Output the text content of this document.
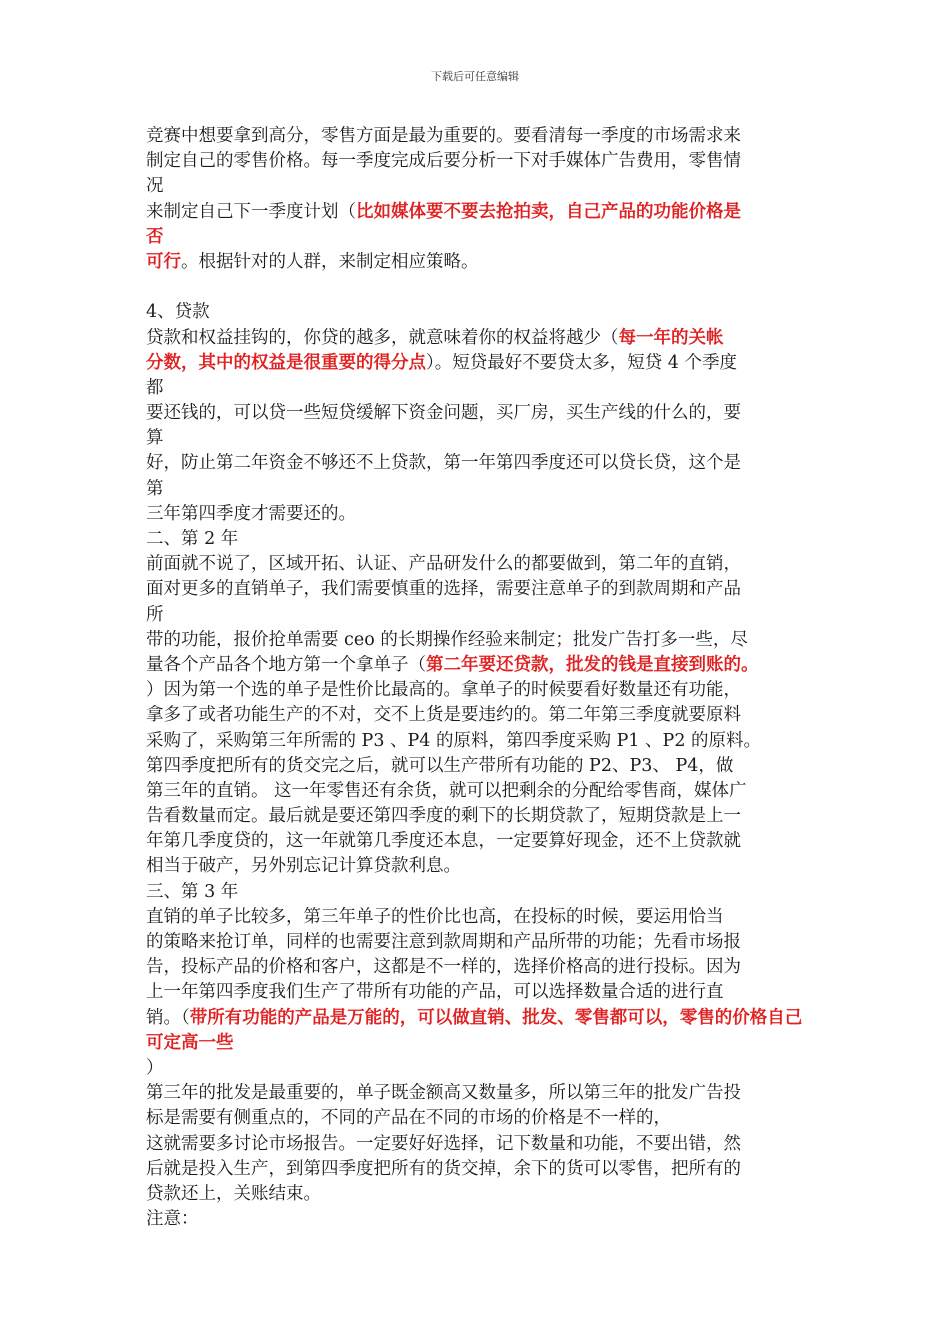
下载后可任意编辑
竞赛中想要拿到高分，零售方面是最为重要的。要看清每一季度的市场需求来
制定自己的零售价格。每一季度完成后要分析一下对手媒体广告费用，零售情
况
来制定自己下一季度计划（比如媒体要不要去抢拍卖，自己产品的功能价格是
否
可行。根据针对的人群，来制定相应策略。
4、贷款
贷款和权益挂钩的，你贷的越多，就意味着你的权益将越少（每一年的关帐
分数，其中的权益是很重要的得分点）。短贷最好不要贷太多，短贷 4 个季度
都
要还钱的，可以贷一些短贷缓解下资金问题，买厂房，买生产线的什么的，要
算
好，防止第二年资金不够还不上贷款，第一年第四季度还可以贷长贷，这个是
第
三年第四季度才需要还的。
二、第 2 年
前面就不说了，区域开拓、认证、产品研发什么的都要做到，第二年的直销，
面对更多的直销单子，我们需要慎重的选择，需要注意单子的到款周期和产品
所
带的功能，报价抢单需要 ceo 的长期操作经验来制定；批发广告打多一些，尽
量各个产品各个地方第一个拿单子（第二年要还贷款，批发的钱是直接到账的。
）因为第一个选的单子是性价比最高的。拿单子的时候要看好数量还有功能，
拿多了或者功能生产的不对，交不上货是要违约的。第二年第三季度就要原料
采购了，采购第三年所需的 P3 、P4 的原料，第四季度采购 P1 、P2 的原料。
第四季度把所有的货交完之后，就可以生产带所有功能的 P2、P3、 P4，做
第三年的直销。 这一年零售还有余货，就可以把剩余的分配给零售商，媒体广
告看数量而定。最后就是要还第四季度的剩下的长期贷款了，短期贷款是上一
年第几季度贷的，这一年就第几季度还本息，一定要算好现金，还不上贷款就
相当于破产，另外别忘记计算贷款利息。
三、第 3 年
直销的单子比较多，第三年单子的性价比也高，在投标的时候，要运用恰当
的策略来抢订单，同样的也需要注意到款周期和产品所带的功能；先看市场报
告，投标产品的价格和客户，这都是不一样的，选择价格高的进行投标。因为
上一年第四季度我们生产了带所有功能的产品，可以选择数量合适的进行直
销。（带所有功能的产品是万能的，可以做直销、批发、零售都可以，零售的价格自己
可定高一些
）
第三年的批发是最重要的，单子既金额高又数量多，所以第三年的批发广告投
标是需要有侧重点的，不同的产品在不同的市场的价格是不一样的，
这就需要多讨论市场报告。一定要好好选择，记下数量和功能，不要出错，然
后就是投入生产，到第四季度把所有的货交掉，余下的货可以零售，把所有的
贷款还上，关账结束。
注意：
